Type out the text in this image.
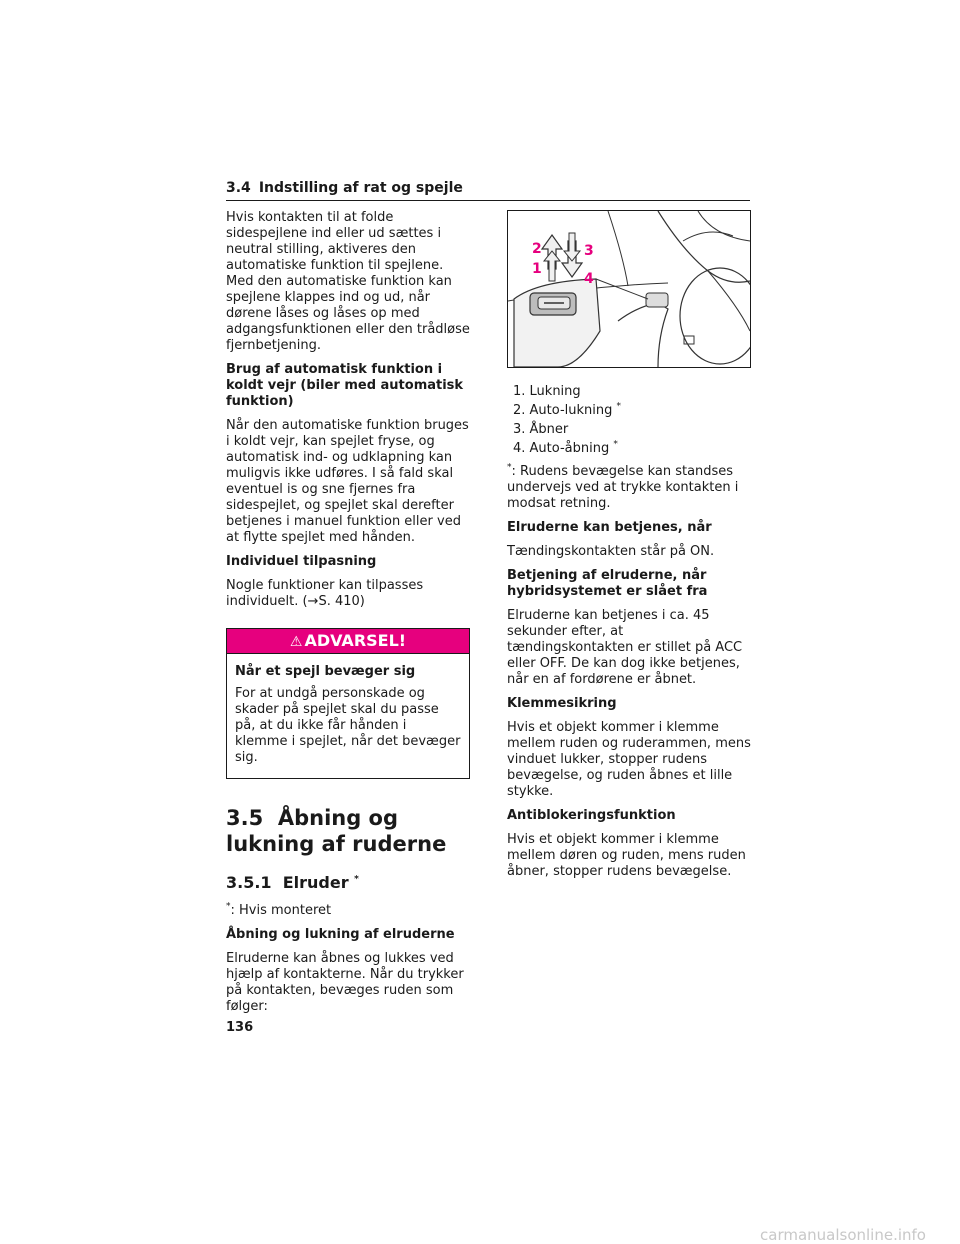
3.4 Indstilling af rat og spejle

Hvis kontakten til at folde sidespejlene ind eller ud sættes i neutral stilling, aktiveres den automatiske funktion til spejlene. Med den automatiske funktion kan spejlene klappes ind og ud, når dørene låses og låses op med adgangsfunktionen eller den trådløse fjernbetjening.

Brug af automatisk funktion i koldt vejr (biler med automatisk funktion)

Når den automatiske funktion bruges i koldt vejr, kan spejlet fryse, og automatisk ind- og udklapning kan muligvis ikke udføres. I så fald skal eventuel is og sne fjernes fra sidespejlet, og spejlet skal derefter betjenes i manuel funktion eller ved at flytte spejlet med hånden.

Individuel tilpasning

Nogle funktioner kan tilpasses individuelt. (→S. 410)

⚠ ADVARSEL!

Når et spejl bevæger sig

For at undgå personskade og skader på spejlet skal du passe på, at du ikke får hånden i klemme i spejlet, når det bevæger sig.

3.5 Åbning og lukning af ruderne
3.5.1 Elruder *

*: Hvis monteret

Åbning og lukning af elruderne

Elruderne kan åbnes og lukkes ved hjælp af kontakterne. Når du trykker på kontakten, bevæges ruden som følger:

2
1
3
4
1. Lukning
2. Auto-lukning *
3. Åbner
4. Auto-åbning *

*: Rudens bevægelse kan standses undervejs ved at trykke kontakten i modsat retning.

Elruderne kan betjenes, når

Tændingskontakten står på ON.

Betjening af elruderne, når hybridsystemet er slået fra

Elruderne kan betjenes i ca. 45 sekunder efter, at tændingskontakten er stillet på ACC eller OFF. De kan dog ikke betjenes, når en af fordørene er åbnet.

Klemmesikring

Hvis et objekt kommer i klemme mellem ruden og ruderammen, mens vinduet lukker, stopper rudens bevægelse, og ruden åbnes et lille stykke.

Antiblokeringsfunktion

Hvis et objekt kommer i klemme mellem døren og ruden, mens ruden åbner, stopper rudens bevægelse.

136
carmanualsonline.info
